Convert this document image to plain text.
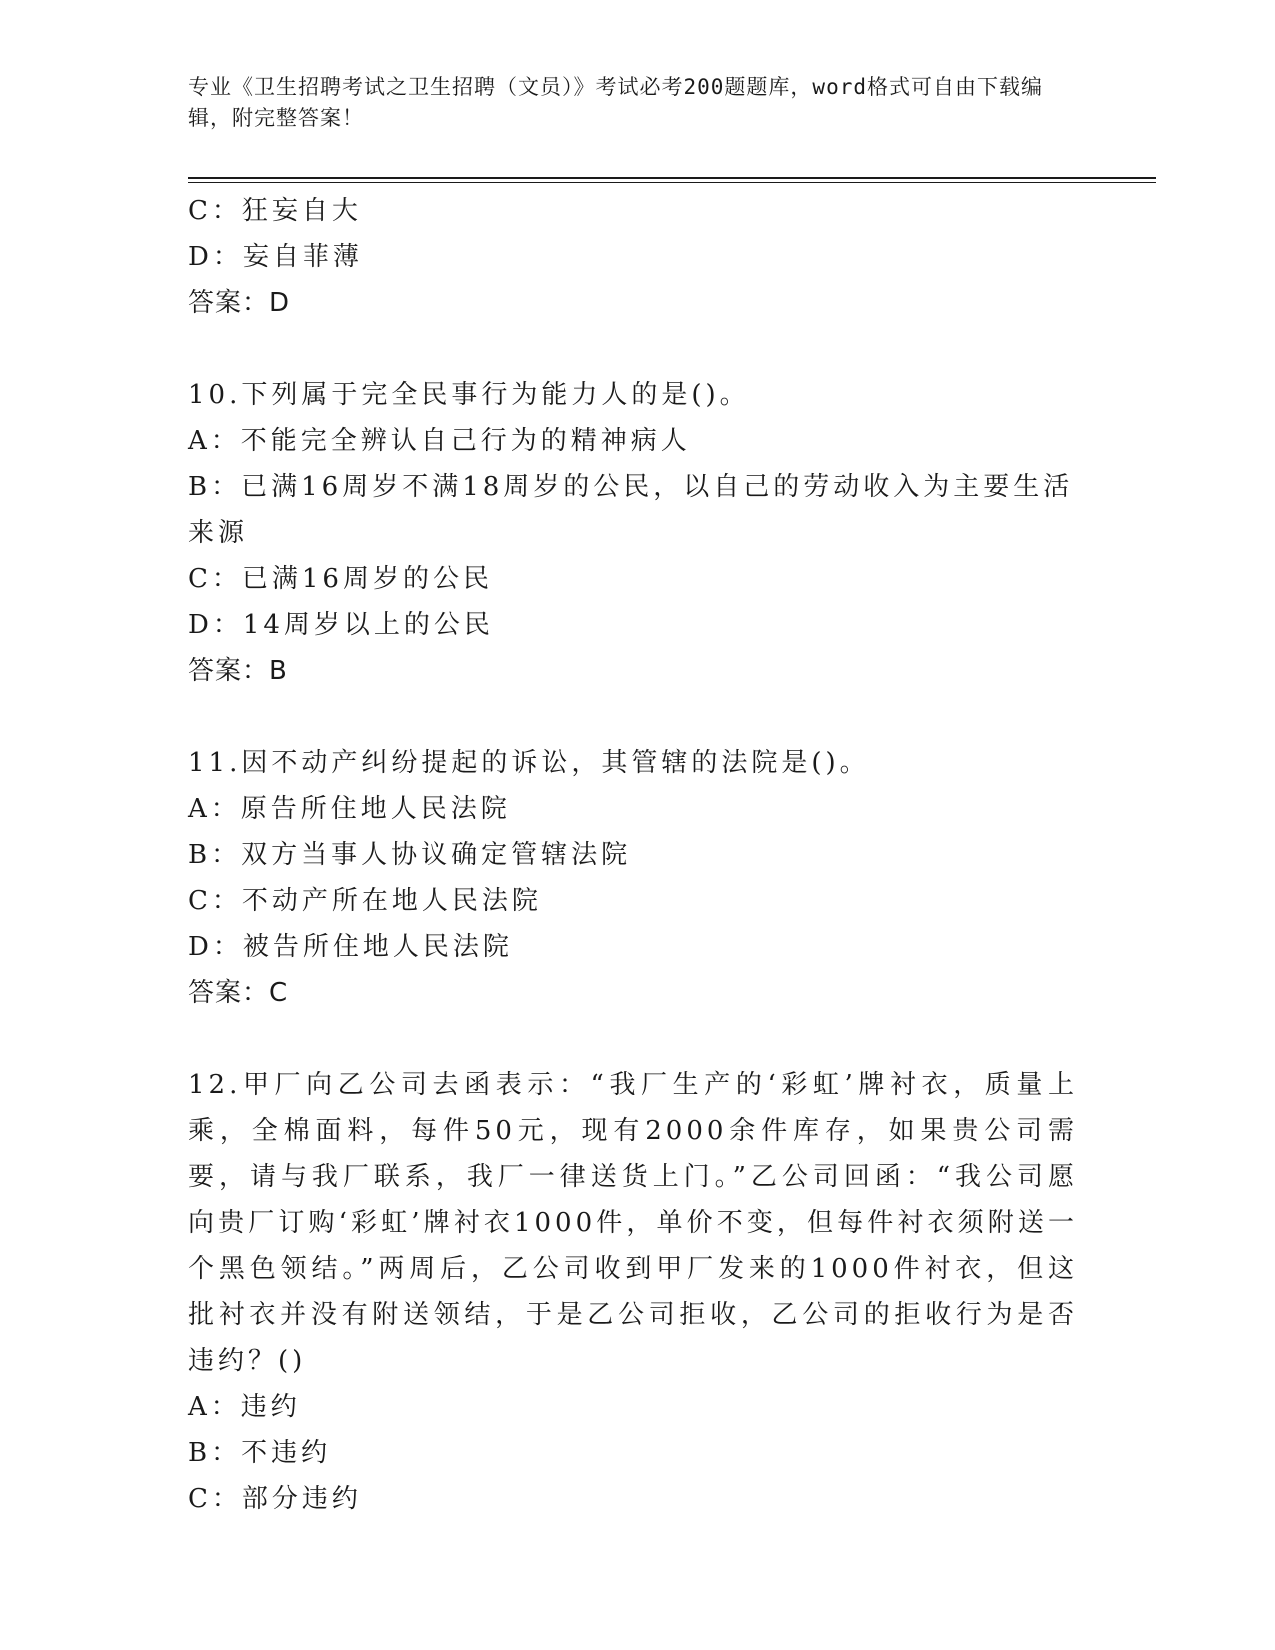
专业《卫生招聘考试之卫生招聘（文员）》考试必考200题题库，word格式可自由下载编辑，附完整答案！
C：狂妄自大
D：妄自菲薄
答案：D
10.下列属于完全民事行为能力人的是()。
A：不能完全辨认自己行为的精神病人
B：已满16周岁不满18周岁的公民，以自己的劳动收入为主要生活来源
C：已满16周岁的公民
D：14周岁以上的公民
答案：B
11.因不动产纠纷提起的诉讼，其管辖的法院是()。
A：原告所住地人民法院
B：双方当事人协议确定管辖法院
C：不动产所在地人民法院
D：被告所住地人民法院
答案：C
12.甲厂向乙公司去函表示：“我厂生产的‘彩虹’牌衬衣，质量上乘，全棉面料，每件50元，现有2000余件库存，如果贵公司需要，请与我厂联系，我厂一律送货上门。”乙公司回函：“我公司愿向贵厂订购‘彩虹’牌衬衣1000件，单价不变，但每件衬衣须附送一个黑色领结。”两周后，乙公司收到甲厂发来的1000件衬衣，但这批衬衣并没有附送领结，于是乙公司拒收，乙公司的拒收行为是否违约？()
A：违约
B：不违约
C：部分违约
